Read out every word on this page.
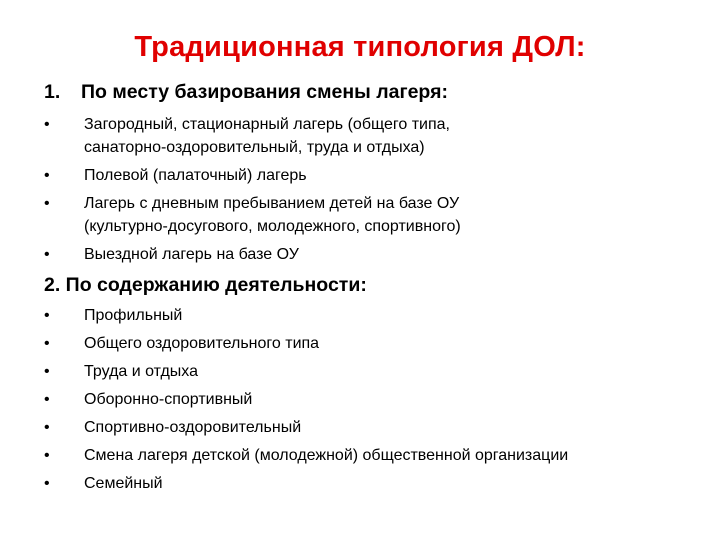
Традиционная типология ДОЛ:
1. По месту базирования смены лагеря:
• Загородный, стационарный лагерь (общего типа,
санаторно-оздоровительный, труда и отдыха)
• Полевой (палаточный) лагерь
• Лагерь с дневным пребыванием детей на базе ОУ
(культурно-досугового, молодежного, спортивного)
• Выездной лагерь на базе ОУ
2. По содержанию деятельности:
• Профильный
• Общего оздоровительного типа
• Труда и отдыха
• Оборонно-спортивный
• Спортивно-оздоровительный
• Смена лагеря детской (молодежной) общественной организации
• Семейный
